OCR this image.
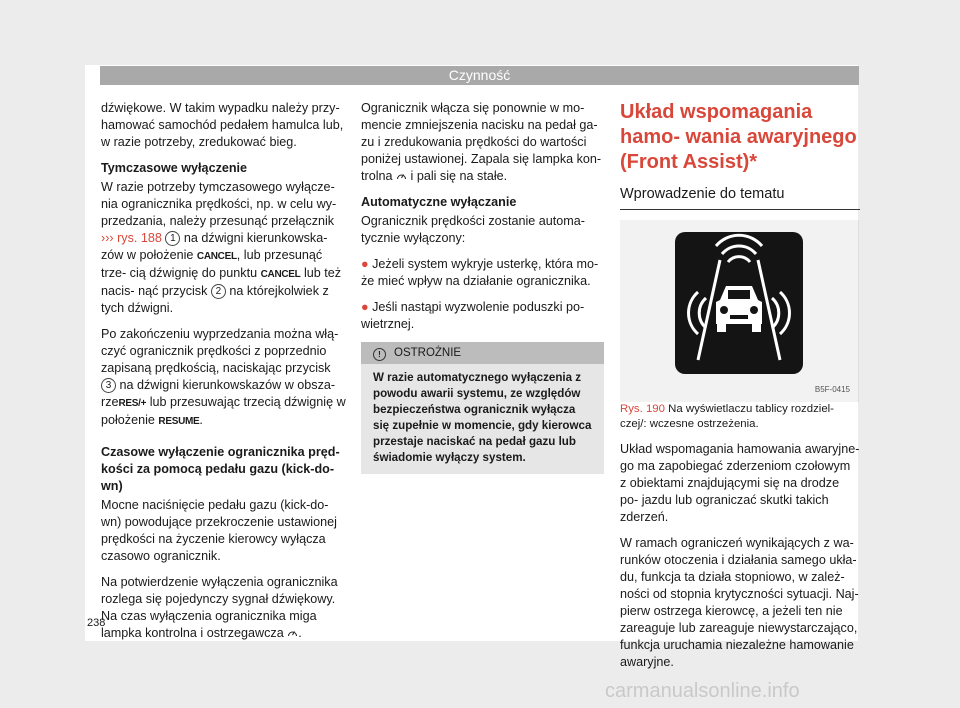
Czynność

dźwiękowe. W takim wypadku należy przy- hamować samochód pedałem hamulca lub, w razie potrzeby, zredukować bieg.

Tymczasowe wyłączenie

W razie potrzeby tymczasowego wyłącze- nia ogranicznika prędkości, np. w celu wy- przedzania, należy przesunąć przełącznik ››› rys. 188 1 na dźwigni kierunkowska- zów w położenie CANCEL, lub przesunąć trze- cią dźwignię do punktu CANCEL lub też nacis- nąć przycisk 2 na którejkolwiek z tych dźwigni.

Po zakończeniu wyprzedzania można włą- czyć ogranicznik prędkości z poprzednio zapisaną prędkością, naciskając przycisk 3 na dźwigni kierunkowskazów w obsza- rzeRES/+ lub przesuwając trzecią dźwignię w położenie RESUME.

Czasowe wyłączenie ogranicznika pręd- kości za pomocą pedału gazu (kick-do- wn)

Mocne naciśnięcie pedału gazu (kick-do- wn) powodujące przekroczenie ustawionej prędkości na życzenie kierowcy wyłącza czasowo ogranicznik.

Na potwierdzenie wyłączenia ogranicznika rozlega się pojedynczy sygnał dźwiękowy. Na czas wyłączenia ogranicznika miga lampka kontrolna i ostrzegawcza .

Ogranicznik włącza się ponownie w mo- mencie zmniejszenia nacisku na pedał ga- zu i zredukowania prędkości do wartości poniżej ustawionej. Zapala się lampka kon- trolna i pali się na stałe.

Automatyczne wyłączanie

Ogranicznik prędkości zostanie automa- tycznie wyłączony:

● Jeżeli system wykryje usterkę, która mo- że mieć wpływ na działanie ogranicznika.

● Jeśli nastąpi wyzwolenie poduszki po- wietrznej.

! OSTROŻNIE
W razie automatycznego wyłączenia z powodu awarii systemu, ze względów bezpieczeństwa ogranicznik wyłącza się zupełnie w momencie, gdy kierowca przestaje naciskać na pedał gazu lub świadomie wyłączy system.
Układ wspomagania hamo- wania awaryjnego (Front Assist)*
Wprowadzenie do tematu
B5F-0415

Rys. 190 Na wyświetlaczu tablicy rozdziel- czej/: wczesne ostrzeżenia.

Układ wspomagania hamowania awaryjne- go ma zapobiegać zderzeniom czołowym z obiektami znajdującymi się na drodze po- jazdu lub ograniczać skutki takich zderzeń.

W ramach ograniczeń wynikających z wa- runków otoczenia i działania samego ukła- du, funkcja ta działa stopniowo, w zależ- ności od stopnia krytyczności sytuacji. Naj- pierw ostrzega kierowcę, a jeżeli ten nie zareaguje lub zareaguje niewystarczająco, funkcja uruchamia niezależne hamowanie awaryjne.

238
carmanualsonline.info
